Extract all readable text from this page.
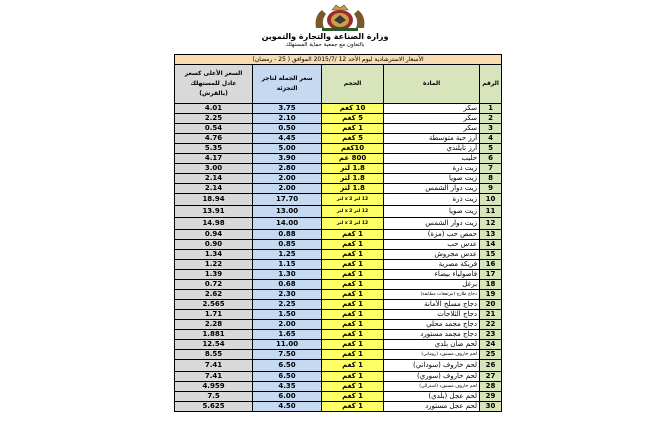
وزارة الصناعة والتجارة والتموين
بالتعاون مع جمعية حماية المستهلك
الأسعار الاسترشادية ليوم الأحد 12 /2015/7 الموافق ( 25 - رمضان)				
الرقم	المادة	الحجم	سعر الجملة لتاجر التجزئة	السعر الأعلى كسعر عادل للمستهلك (بالقرش)
1	سكر	10 كغم	3.75	4.01
2	سكر	5 كغم	2.10	2.25
3	سكر	1 كغم	0.50	0.54
4	أرز حبة متوسطة	5 كغم	4.45	4.76
5	أرز تايلندي	10كغم	5.00	5.35
6	حليب	800 غم	3.90	4.17
7	زيت ذرة	1.8 لتر	2.80	3.00
8	زيت صويا	1.8 لتر	2.00	2.14
9	زيت دوار الشمس	1.8 لتر	2.00	2.14
10	زيت ذرة	12 لتر x 2 لتر	17.70	18.94
11	زيت صويا	12 لتر x 2 لتر	13.00	13.91
12	زيت دوار الشمس	12 لتر x 2 لتر	14.00	14.98
13	حمص حب (مزة)	1 كغم	0.88	0.94
14	عدس حب	1 كغم	0.85	0.90
15	عدس مجروش	1 كغم	1.25	1.34
16	فريكة مصرية	1 كغم	1.15	1.22
17	فاصولياء بيضاء	1 كغم	1.30	1.39
18	برغل	1 كغم	0.68	0.72
19	دجاج طازج (مرتفعات مطابقة)	1 كغم	2.30	2.62
20	دجاج مسلخ الأمانة	1 كغم	2.25	2.565
21	دجاج الثلاجات	1 كغم	1.50	1.71
22	دجاج مجمد محلي	1 كغم	2.00	2.28
23	دجاج مجمد مستورد	1 كغم	1.65	1.881
24	لحم ضأن بلدي	1 كغم	11.00	12.54
25	لحم خاروف مستورد (روماني)	1 كغم	7.50	8.55
26	لحم خاروف (سوداني)	1 كغم	6.50	7.41
27	لحم خاروف (سوري)	1 كغم	6.50	7.41
28	لحم خاروف مستورد (استرالي)	1 كغم	4.35	4.959
29	لحم عجل (بلدي)	1 كغم	6.00	7.5
30	لحم عجل مستورد	1 كغم	4.50	5.625
